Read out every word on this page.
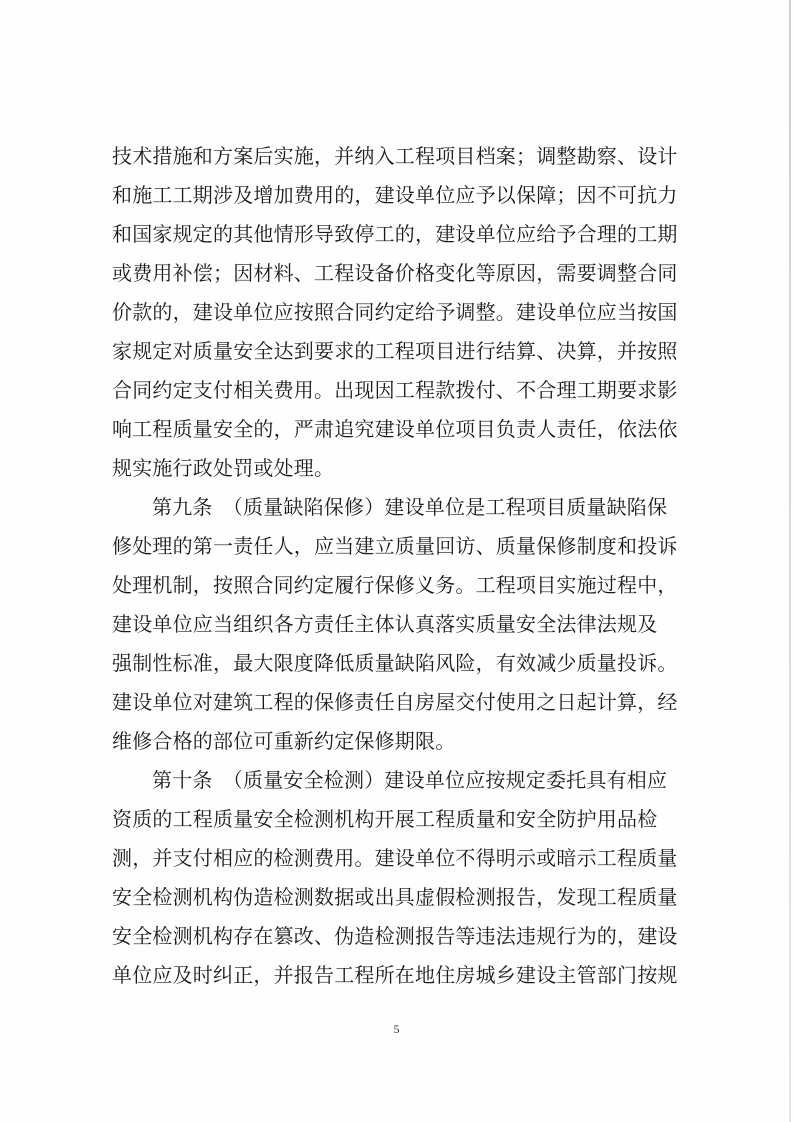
技术措施和方案后实施，并纳入工程项目档案；调整勘察、设计
和施工工期涉及增加费用的，建设单位应予以保障；因不可抗力
和国家规定的其他情形导致停工的，建设单位应给予合理的工期
或费用补偿；因材料、工程设备价格变化等原因，需要调整合同
价款的，建设单位应按照合同约定给予调整。建设单位应当按国
家规定对质量安全达到要求的工程项目进行结算、决算，并按照
合同约定支付相关费用。出现因工程款拨付、不合理工期要求影
响工程质量安全的，严肃追究建设单位项目负责人责任，依法依
规实施行政处罚或处理。
第九条　（质量缺陷保修）建设单位是工程项目质量缺陷保
修处理的第一责任人，应当建立质量回访、质量保修制度和投诉
处理机制，按照合同约定履行保修义务。工程项目实施过程中，
建设单位应当组织各方责任主体认真落实质量安全法律法规及
强制性标准，最大限度降低质量缺陷风险，有效减少质量投诉。
建设单位对建筑工程的保修责任自房屋交付使用之日起计算，经
维修合格的部位可重新约定保修期限。
第十条　（质量安全检测）建设单位应按规定委托具有相应
资质的工程质量安全检测机构开展工程质量和安全防护用品检
测，并支付相应的检测费用。建设单位不得明示或暗示工程质量
安全检测机构伪造检测数据或出具虚假检测报告，发现工程质量
安全检测机构存在篡改、伪造检测报告等违法违规行为的，建设
单位应及时纠正，并报告工程所在地住房城乡建设主管部门按规
5
